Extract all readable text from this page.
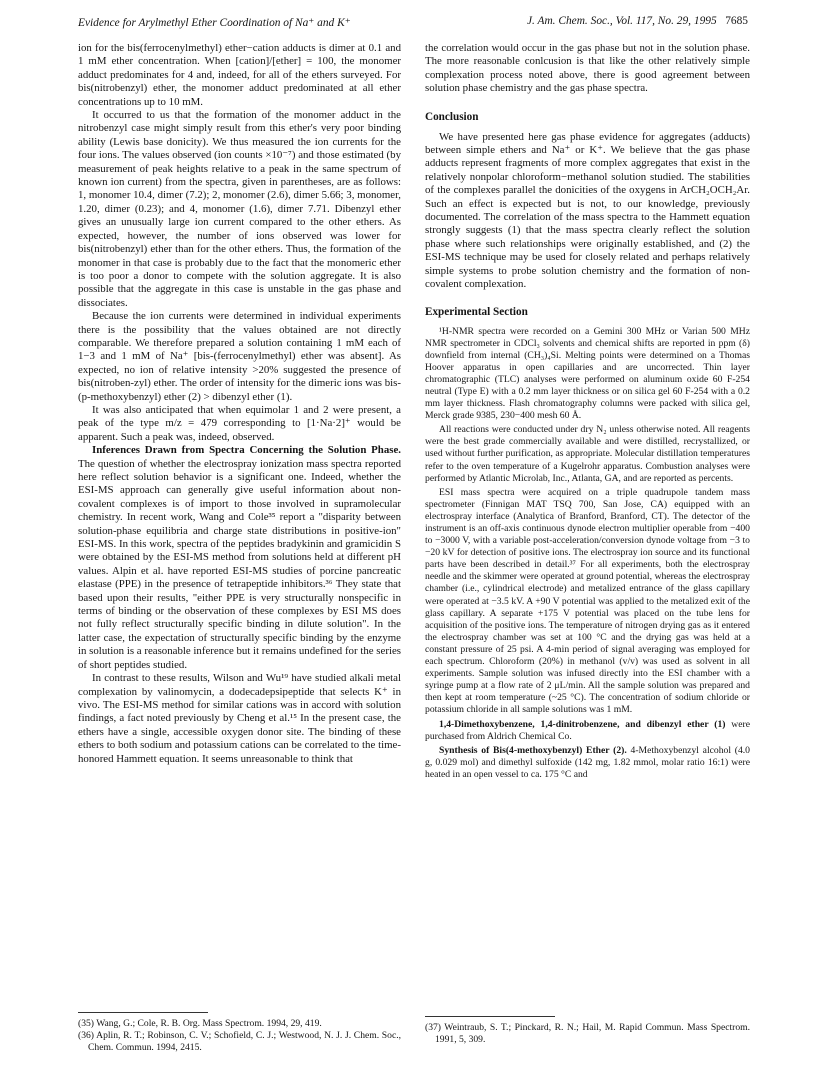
Evidence for Arylmethyl Ether Coordination of Na⁺ and K⁺	J. Am. Chem. Soc., Vol. 117, No. 29, 1995 7685

ion for the bis(ferrocenylmethyl) ether−cation adducts is dimer at 0.1 and 1 mM ether concentration. When [cation]/[ether] = 100, the monomer adduct predominates for 4 and, indeed, for all of the ethers surveyed. For bis(nitrobenzyl) ether, the monomer adduct predominated at all ether concentrations up to 10 mM.

It occurred to us that the formation of the monomer adduct in the nitrobenzyl case might simply result from this ether's very poor binding ability (Lewis base donicity). We thus measured the ion currents for the four ions. The values observed (ion counts ×10⁻⁷) and those estimated (by measurement of peak heights relative to a peak in the same spectrum of known ion current) from the spectra, given in parentheses, are as follows: 1, monomer 10.4, dimer (7.2); 2, monomer (2.6), dimer 5.66; 3, monomer, 1.20, dimer (0.23); and 4, monomer (1.6), dimer 7.71. Dibenzyl ether gives an unusually large ion current compared to the other ethers. As expected, however, the number of ions observed was lower for bis(nitrobenzyl) ether than for the other ethers. Thus, the formation of the monomer in that case is probably due to the fact that the monomeric ether is too poor a donor to compete with the solution aggregate. It is also possible that the aggregate in this case is unstable in the gas phase and dissociates.

Because the ion currents were determined in individual experiments there is the possibility that the values obtained are not directly comparable. We therefore prepared a solution containing 1 mM each of 1−3 and 1 mM of Na⁺ [bis-(ferrocenylmethyl) ether was absent]. As expected, no ion of relative intensity >20% suggested the presence of bis(nitroben-zyl) ether. The order of intensity for the dimeric ions was bis-(p-methoxybenzyl) ether (2) > dibenzyl ether (1).

It was also anticipated that when equimolar 1 and 2 were present, a peak of the type m/z = 479 corresponding to [1·Na·2]⁺ would be apparent. Such a peak was, indeed, observed.

Inferences Drawn from Spectra Concerning the Solution Phase. The question of whether the electrospray ionization mass spectra reported here reflect solution behavior is a significant one. Indeed, whether the ESI-MS approach can generally give useful information about non-covalent complexes is of import to those involved in supramolecular chemistry. In recent work, Wang and Cole³⁵ report a "disparity between solution-phase equilibria and charge state distributions in positive-ion" ESI-MS. In this work, spectra of the peptides bradykinin and gramicidin S were obtained by the ESI-MS method from solutions held at different pH values. Alpin et al. have reported ESI-MS studies of porcine pancreatic elastase (PPE) in the presence of tetrapeptide inhibitors.³⁶ They state that based upon their results, "either PPE is very structurally nonspecific in terms of binding or the observation of these complexes by ESI MS does not fully reflect structurally specific binding in dilute solution". In the latter case, the expectation of structurally specific binding by the enzyme in solution is a reasonable inference but it remains undefined for the series of short peptides studied.

In contrast to these results, Wilson and Wu¹⁹ have studied alkali metal complexation by valinomycin, a dodecadepsipeptide that selects K⁺ in vivo. The ESI-MS method for similar cations was in accord with solution findings, a fact noted previously by Cheng et al.¹⁵ In the present case, the ethers have a single, accessible oxygen donor site. The binding of these ethers to both sodium and potassium cations can be correlated to the time-honored Hammett equation. It seems unreasonable to think that

(35) Wang, G.; Cole, R. B. Org. Mass Spectrom. 1994, 29, 419.

(36) Aplin, R. T.; Robinson, C. V.; Schofield, C. J.; Westwood, N. J. J. Chem. Soc., Chem. Commun. 1994, 2415.

the correlation would occur in the gas phase but not in the solution phase. The more reasonable conlcusion is that like the other relatively simple complexation process noted above, there is good agreement between solution phase chemistry and the gas phase spectra.

Conclusion

We have presented here gas phase evidence for aggregates (adducts) between simple ethers and Na⁺ or K⁺. We believe that the gas phase adducts represent fragments of more complex aggregates that exist in the relatively nonpolar chloroform−methanol solution studied. The stabilities of the complexes parallel the donicities of the oxygens in ArCH₂OCH₂Ar. Such an effect is expected but is not, to our knowledge, previously documented. The correlation of the mass spectra to the Hammett equation strongly suggests (1) that the mass spectra clearly reflect the solution phase where such relationships were originally established, and (2) the ESI-MS technique may be used for closely related and perhaps relatively simple systems to probe solution chemistry and the formation of non-covalent complexation.

Experimental Section

¹H-NMR spectra were recorded on a Gemini 300 MHz or Varian 500 MHz NMR spectrometer in CDCl₃ solvents and chemical shifts are reported in ppm (δ) downfield from internal (CH₃)₄Si. Melting points were determined on a Thomas Hoover apparatus in open capillaries and are uncorrected. Thin layer chromatographic (TLC) analyses were performed on aluminum oxide 60 F-254 neutral (Type E) with a 0.2 mm layer thickness or on silica gel 60 F-254 with a 0.2 mm layer thickness. Flash chromatography columns were packed with silica gel, Merck grade 9385, 230−400 mesh 60 Å.

All reactions were conducted under dry N₂ unless otherwise noted. All reagents were the best grade commercially available and were distilled, recrystallized, or used without further purification, as appropriate. Molecular distillation temperatures refer to the oven temperature of a Kugelrohr apparatus. Combustion analyses were performed by Atlantic Microlab, Inc., Atlanta, GA, and are reported as percents.

ESI mass spectra were acquired on a triple quadrupole tandem mass spectrometer (Finnigan MAT TSQ 700, San Jose, CA) equipped with an electrospray interface (Analytica of Branford, Branford, CT). The detector of the instrument is an off-axis continuous dynode electron multiplier operable from −400 to −3000 V, with a variable post-acceleration/conversion dynode voltage from −3 to −20 kV for detection of positive ions. The electrospray ion source and its functional parts have been described in detail.³⁷ For all experiments, both the electrospray needle and the skimmer were operated at ground potential, whereas the electrospray chamber (i.e., cylindrical electrode) and metalized entrance of the glass capillary were operated at −3.5 kV. A +90 V potential was applied to the metalized exit of the glass capillary. A separate +175 V potential was placed on the tube lens for acquisition of the positive ions. The temperature of nitrogen drying gas as it entered the electrospray chamber was set at 100 °C and the drying gas was held at a constant pressure of 25 psi. A 4-min period of signal averaging was employed for each spectrum. Chloroform (20%) in methanol (v/v) was used as solvent in all experiments. Sample solution was infused directly into the ESI chamber with a syringe pump at a flow rate of 2 μL/min. All the sample solution was prepared and then kept at room temperature (~25 °C). The concentration of sodium chloride or potassium chloride in all sample solutions was 1 mM.

1,4-Dimethoxybenzene, 1,4-dinitrobenzene, and dibenzyl ether (1) were purchased from Aldrich Chemical Co.

Synthesis of Bis(4-methoxybenzyl) Ether (2). 4-Methoxybenzyl alcohol (4.0 g, 0.029 mol) and dimethyl sulfoxide (142 mg, 1.82 mmol, molar ratio 16:1) were heated in an open vessel to ca. 175 °C and

(37) Weintraub, S. T.; Pinckard, R. N.; Hail, M. Rapid Commun. Mass Spectrom. 1991, 5, 309.
